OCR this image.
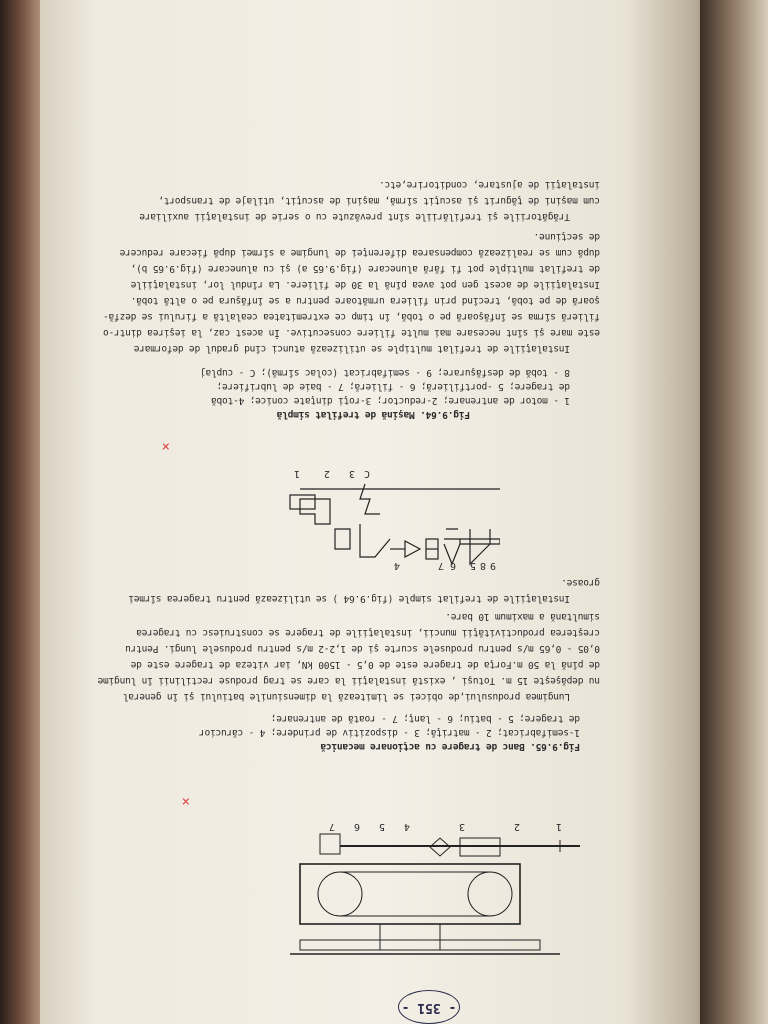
1
2
3
4
5
6
7
- 351 -
Fig.9.65. Banc de tragere cu acţionare mecanică
1-semifabricat; 2 - matriţă; 3 - dispozitiv de prindere; 4 - cărucior
de tragere; 5 - batiu; 6 - lanţ; 7 - roată de antrenare;
Lungimea produsului,de obicei se limitează la dimensiunile batiului şi în general
nu depăşeşte 15 m. Totuşi , există instalaţii la care se trag produse rectilinii în lungime
de pînă la 50 m.Forţa de tragere este de 0,5 - 1500 kN, iar viteza de tragere este de
0,05 - 0,65 m/s pentru produsele scurte şi de 1,2-2 m/s pentru produsele lungi. Pentru
creşterea productivităţii muncii, instalaţiile de tragere se construiesc cu tragerea
simultană a maximum 10 bare.
Instalaţiile de trefilat simple (fig.9.64 ) se utilizează pentru tragerea sîrmei
groase.
9
8
5
6
7
4
C
3
2
1
Fig.9.64. Maşină de trefilat simplă
1 - motor de antrenare; 2-reductor; 3-roţi dinţate conice; 4-tobă
de tragere; 5 -portfilieră; 6 - filieră; 7 - baie de lubrifiere;
8 - tobă de desfăşurare; 9 - semifabricat (colac sîrmă); C - cuplaj
Instalaţiile de trefilat multiple se utilizează atunci cînd gradul de deformare
este mare şi sînt necesare mai multe filiere consecutive. În acest caz, la ieşirea dintr-o
filieră sîrma se înfăşoară pe o tobă, în timp ce extremitatea cealaltă a firului se dezfă-
şoară de pe tobă, trecînd prin filiera următoare pentru a se înfăşura pe o altă tobă.
Instalaţiile de acest gen pot avea pînă la 30 de filiere. La rîndul lor, instalaţiile
de trefilat multiple pot fi fără alunecare (fig.9.65 a) şi cu alunecare (fig.9.65 b),
după cum se realizează compensarea diferenţei de lungime a sîrmei după fiecare reducere
de secţiune.
Trăgătoriile şi trefilăriile sînt prevăzute cu o serie de instalaţii auxiliare
cum maşini de ţăgurit şi ascuţit sîrmă, maşini de ascuţit, utilaje de transport,
instalaţii de ajustare, conditorire,etc.
×
×
